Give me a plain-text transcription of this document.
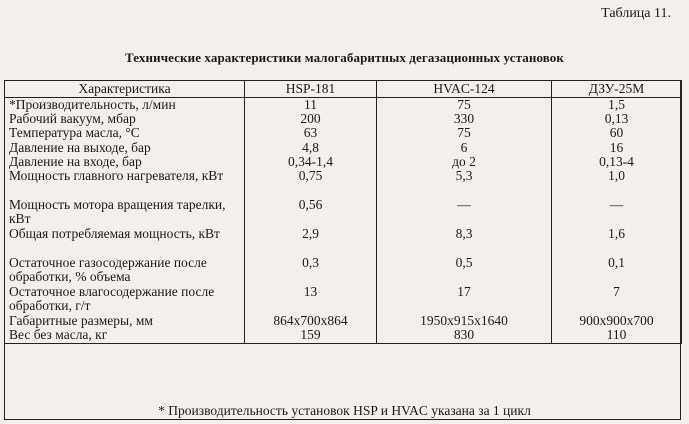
Таблица 11.
Технические характеристики малогабаритных дегазационных установок
Характеристика	HSP-181	HVAC-124	ДЗУ-25М
*Производительность, л/мин	11	75	1,5
Рабочий вакуум, мбар	200	330	0,13
Температура масла, °С	63	75	60
Давление на выходе, бар	4,8	6	16
Давление на входе, бар	0,34-1,4	до 2	0,13-4
Мощность главного нагревателя, кВт	0,75	5,3	1,0
Мощность мотора вращения тарелки, кВт	0,56	—	—
Общая потребляемая мощность, кВт	2,9	8,3	1,6
Остаточное газосодержание после обработки, % объема	0,3	0,5	0,1
Остаточное влагосодержание после обработки, г/т	13	17	7
Габаритные размеры, мм	864x700x864	1950x915x1640	900x900x700
Вес без масла, кг	159	830	110
* Производительность установок HSP и HVAC указана за 1 цикл
